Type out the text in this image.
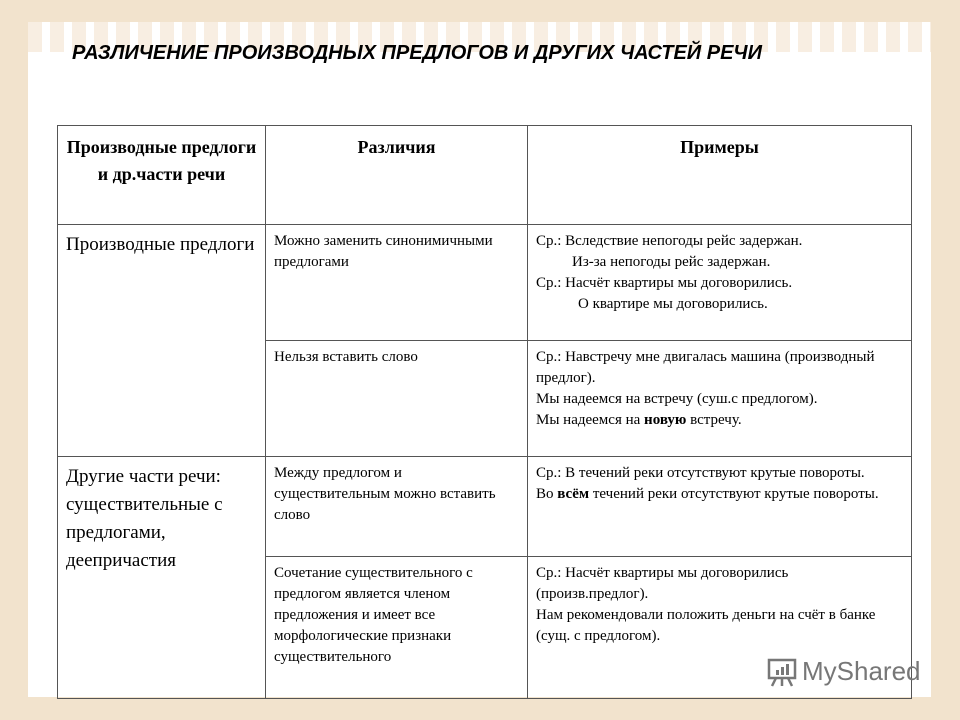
РАЗЛИЧЕНИЕ ПРОИЗВОДНЫХ ПРЕДЛОГОВ И ДРУГИХ ЧАСТЕЙ РЕЧИ
Производные предлоги и др.части речи	Различия	Примеры
Производные предлоги	Можно заменить синонимичными предлогами	Ср.: Вследствие непогоды рейс задержан.
Из-за непогоды рейс задержан.
Ср.: Насчёт квартиры мы договорились.
О квартире мы договорились.

	Нельзя вставить слово	Ср.: Навстречу мне двигалась машина (производный предлог).
Мы надеемся на встречу (суш.с предлогом).
Мы надеемся на новую встречу.

Другие части речи: существительные с предлогами, деепричастия	Между предлогом и существительным можно вставить слово	Ср.: В течений реки отсутствуют крутые повороты.
Во всём течений реки отсутствуют крутые повороты.

	Сочетание существительного с предлогом является членом предложения и имеет все морфологические признаки существительного	Ср.: Насчёт квартиры мы договорились (произв.предлог).
Нам рекомендовали положить деньги на счёт в банке (сущ. с предлогом).
MyShared
